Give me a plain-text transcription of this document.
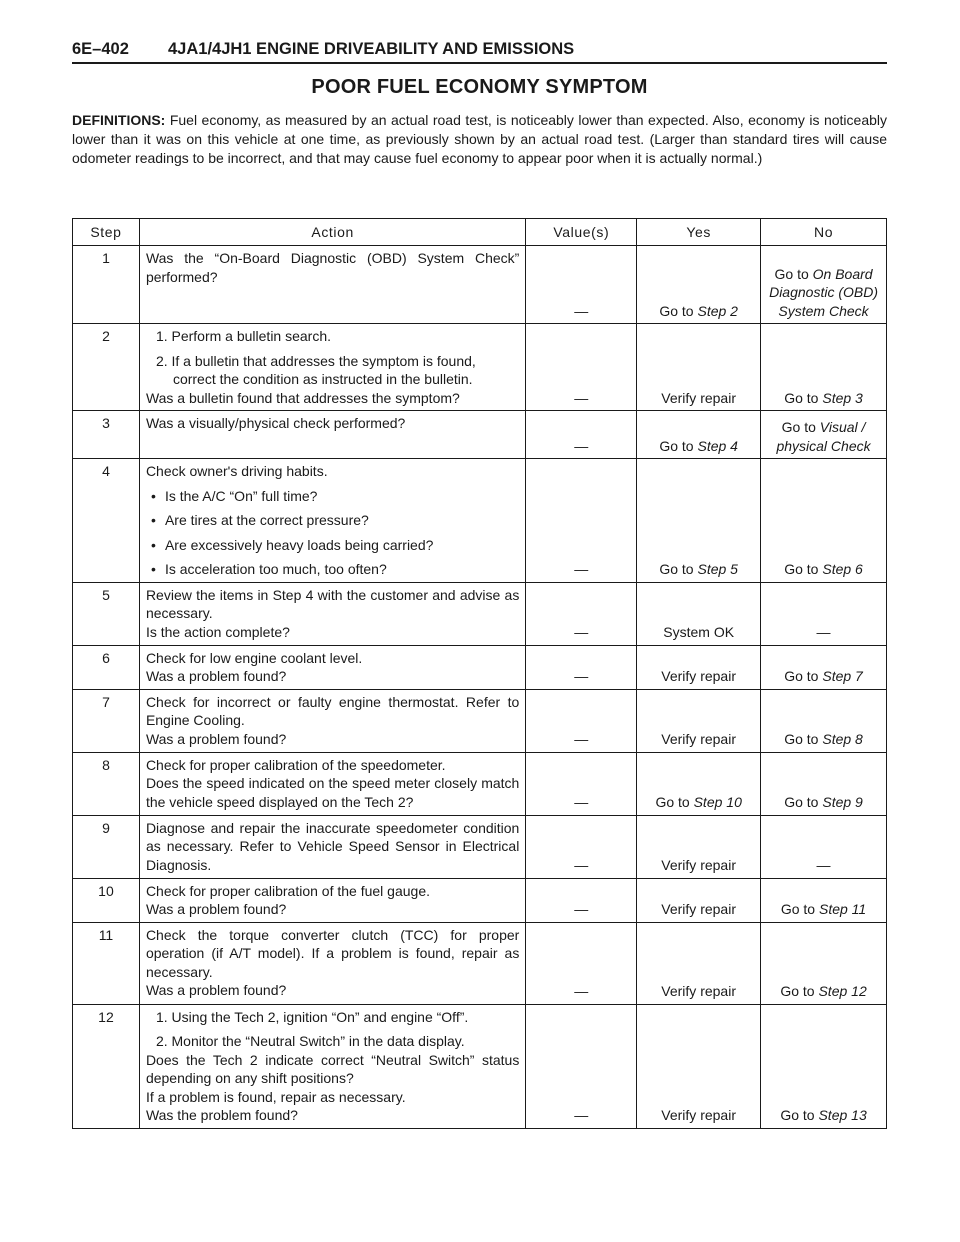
6E–402	4JA1/4JH1 ENGINE DRIVEABILITY AND EMISSIONS
POOR FUEL ECONOMY SYMPTOM
DEFINITIONS: Fuel economy, as measured by an actual road test, is noticeably lower than expected. Also, economy is noticeably lower than it was on this vehicle at one time, as previously shown by an actual road test. (Larger than standard tires will cause odometer readings to be incorrect, and that may cause fuel economy to appear poor when it is actually normal.)
Step	Action	Value(s)	Yes	No
1	Was the “On-Board Diagnostic (OBD) System Check” performed?	—	Go to Step 2	Go to On Board Diagnostic (OBD) System Check
2	1. Perform a bulletin search.
2. If a bulletin that addresses the symptom is found,
correct the condition as instructed in the bulletin.
Was a bulletin found that addresses the symptom?	—	Verify repair	Go to Step 3
3	Was a visually/physical check performed?	—	Go to Step 4	Go to Visual / physical Check
4	Check owner's driving habits.
• Is the A/C “On” full time?
• Are tires at the correct pressure?
• Are excessively heavy loads being carried?
• Is acceleration too much, too often?	—	Go to Step 5	Go to Step 6
5	Review the items in Step 4 with the customer and advise as necessary.
Is the action complete?	—	System OK	—
6	Check for low engine coolant level.
Was a problem found?	—	Verify repair	Go to Step 7
7	Check for incorrect or faulty engine thermostat. Refer to Engine Cooling.
Was a problem found?	—	Verify repair	Go to Step 8
8	Check for proper calibration of the speedometer.
Does the speed indicated on the speed meter closely match the vehicle speed displayed on the Tech 2?	—	Go to Step 10	Go to Step 9
9	Diagnose and repair the inaccurate speedometer condition as necessary. Refer to Vehicle Speed Sensor in Electrical Diagnosis.	—	Verify repair	—
10	Check for proper calibration of the fuel gauge.
Was a problem found?	—	Verify repair	Go to Step 11
11	Check the torque converter clutch (TCC) for proper operation (if A/T model). If a problem is found, repair as necessary.
Was a problem found?	—	Verify repair	Go to Step 12
12	1. Using the Tech 2, ignition “On” and engine “Off”.
2. Monitor the “Neutral Switch” in the data display.
Does the Tech 2 indicate correct “Neutral Switch” status depending on any shift positions?
If a problem is found, repair as necessary.
Was the problem found?	—	Verify repair	Go to Step 13
